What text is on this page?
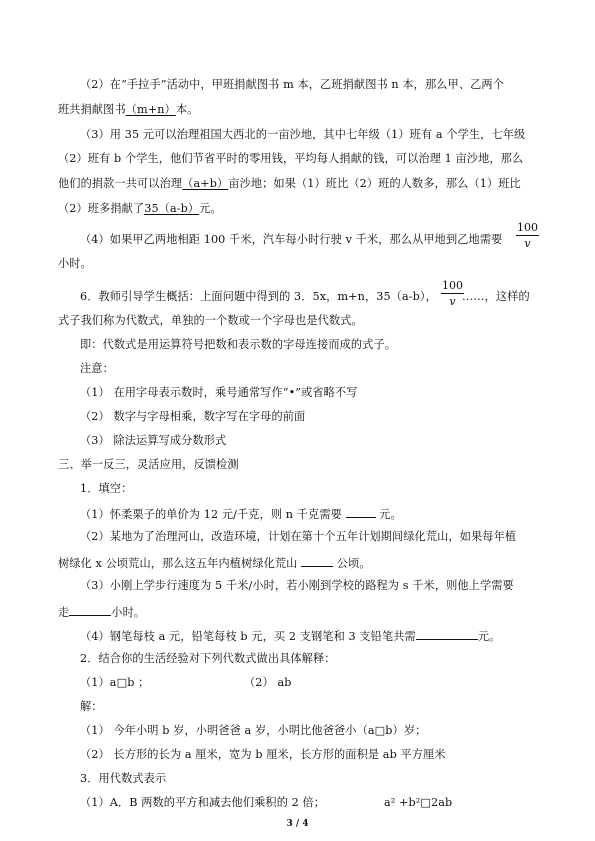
（2）在“手拉手”活动中，甲班捐献图书 m 本，乙班捐献图书 n 本，那么甲、乙两个
班共捐献图书（m+n）本。
（3）用 35 元可以治理祖国大西北的一亩沙地，其中七年级（1）班有 a 个学生，七年级
（2）班有 b 个学生，他们节省平时的零用钱，平均每人捐献的钱，可以治理 1 亩沙地，那么
他们的捐款一共可以治理（a+b）亩沙地；如果（1）班比（2）班的人数多，那么（1）班比
（2）班多捐献了35（a-b）元。
（4）如果甲乙两地相距 100 千米，汽车每小时行驶 v 千米，那么从甲地到乙地需要	$\frac{100}{v}$
小时。
6．教师引导学生概括：上面问题中得到的 3．5x，m+n，35（a-b）， $\frac{100}{v}$
……，这样的
式子我们称为代数式，单独的一个数或一个字母也是代数式。
即：代数式是用运算符号把数和表示数的字母连接而成的式子。
注意：
（1） 在用字母表示数时，乘号通常写作“•”或省略不写
（2） 数字与字母相乘，数字写在字母的前面
（3） 除法运算写成分数形式
三、举一反三，灵活应用，反馈检测
1．填空：
（1）怀柔栗子的单价为 12 元/千克，则 n 千克需要	元。
（2）某地为了治理河山，改造环境，计划在第十个五年计划期间绿化荒山，如果每年植
树绿化 x 公顷荒山，那么这五年内植树绿化荒山	公顷。
（3）小刚上学步行速度为 5 千米/小时，若小刚到学校的路程为 s 千米，则他上学需要
走	小时。
（4）钢笔每枝 a 元，铅笔每枝 b 元，买 2 支钢笔和 3 支铅笔共需	元。
2．结合你的生活经验对下列代数式做出具体解释：
（1）a□b ；	（2） ab
解：
（1） 今年小明 b 岁，小明爸爸 a 岁，小明比他爸爸小（a□b）岁；
（2） 长方形的长为 a 厘米，宽为 b 厘米，长方形的面积是 ab 平方厘米
3．用代数式表示
（1）A．B 两数的平方和减去他们乘积的 2 倍；	a² +b²□2ab
3 / 4
